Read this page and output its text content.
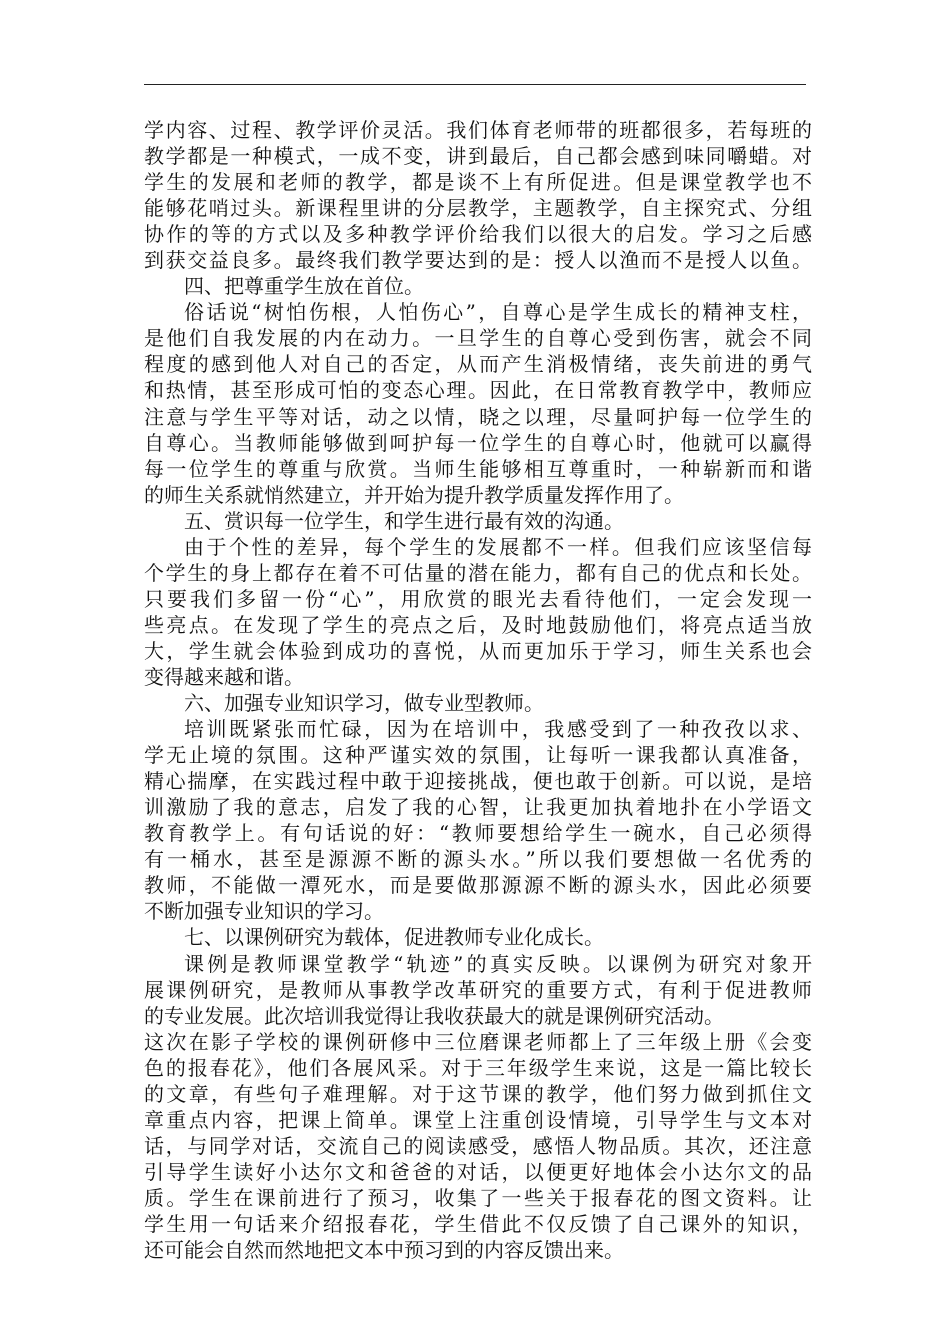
学内容、过程、教学评价灵活。我们体育老师带的班都很多，若每班的
教学都是一种模式，一成不变，讲到最后，自己都会感到味同嚼蜡。对
学生的发展和老师的教学，都是谈不上有所促进。但是课堂教学也不
能够花哨过头。新课程里讲的分层教学，主题教学，自主探究式、分组
协作的等的方式以及多种教学评价给我们以很大的启发。学习之后感
到获交益良多。最终我们教学要达到的是：授人以渔而不是授人以鱼。
四、把尊重学生放在首位。
俗话说“树怕伤根，人怕伤心”，自尊心是学生成长的精神支柱，
是他们自我发展的内在动力。一旦学生的自尊心受到伤害，就会不同
程度的感到他人对自己的否定，从而产生消极情绪，丧失前进的勇气
和热情，甚至形成可怕的变态心理。因此，在日常教育教学中，教师应
注意与学生平等对话，动之以情，晓之以理，尽量呵护每一位学生的
自尊心。当教师能够做到呵护每一位学生的自尊心时，他就可以赢得
每一位学生的尊重与欣赏。当师生能够相互尊重时，一种崭新而和谐
的师生关系就悄然建立，并开始为提升教学质量发挥作用了。
五、赏识每一位学生，和学生进行最有效的沟通。
由于个性的差异，每个学生的发展都不一样。但我们应该坚信每
个学生的身上都存在着不可估量的潜在能力，都有自己的优点和长处。
只要我们多留一份“心”，用欣赏的眼光去看待他们，一定会发现一
些亮点。在发现了学生的亮点之后，及时地鼓励他们，将亮点适当放
大，学生就会体验到成功的喜悦，从而更加乐于学习，师生关系也会
变得越来越和谐。
六、加强专业知识学习，做专业型教师。
培训既紧张而忙碌，因为在培训中，我感受到了一种孜孜以求、
学无止境的氛围。这种严谨实效的氛围，让每听一课我都认真准备，
精心揣摩，在实践过程中敢于迎接挑战，便也敢于创新。可以说，是培
训激励了我的意志，启发了我的心智，让我更加执着地扑在小学语文
教育教学上。有句话说的好：“教师要想给学生一碗水，自己必须得
有一桶水，甚至是源源不断的源头水。”所以我们要想做一名优秀的
教师，不能做一潭死水，而是要做那源源不断的源头水，因此必须要
不断加强专业知识的学习。
七、以课例研究为载体，促进教师专业化成长。
课例是教师课堂教学“轨迹”的真实反映。以课例为研究对象开
展课例研究，是教师从事教学改革研究的重要方式，有利于促进教师
的专业发展。此次培训我觉得让我收获最大的就是课例研究活动。
这次在影子学校的课例研修中三位磨课老师都上了三年级上册《会变
色的报春花》，他们各展风采。对于三年级学生来说，这是一篇比较长
的文章，有些句子难理解。对于这节课的教学，他们努力做到抓住文
章重点内容，把课上简单。课堂上注重创设情境，引导学生与文本对
话，与同学对话，交流自己的阅读感受，感悟人物品质。其次，还注意
引导学生读好小达尔文和爸爸的对话，以便更好地体会小达尔文的品
质。学生在课前进行了预习，收集了一些关于报春花的图文资料。让
学生用一句话来介绍报春花，学生借此不仅反馈了自己课外的知识，
还可能会自然而然地把文本中预习到的内容反馈出来。
